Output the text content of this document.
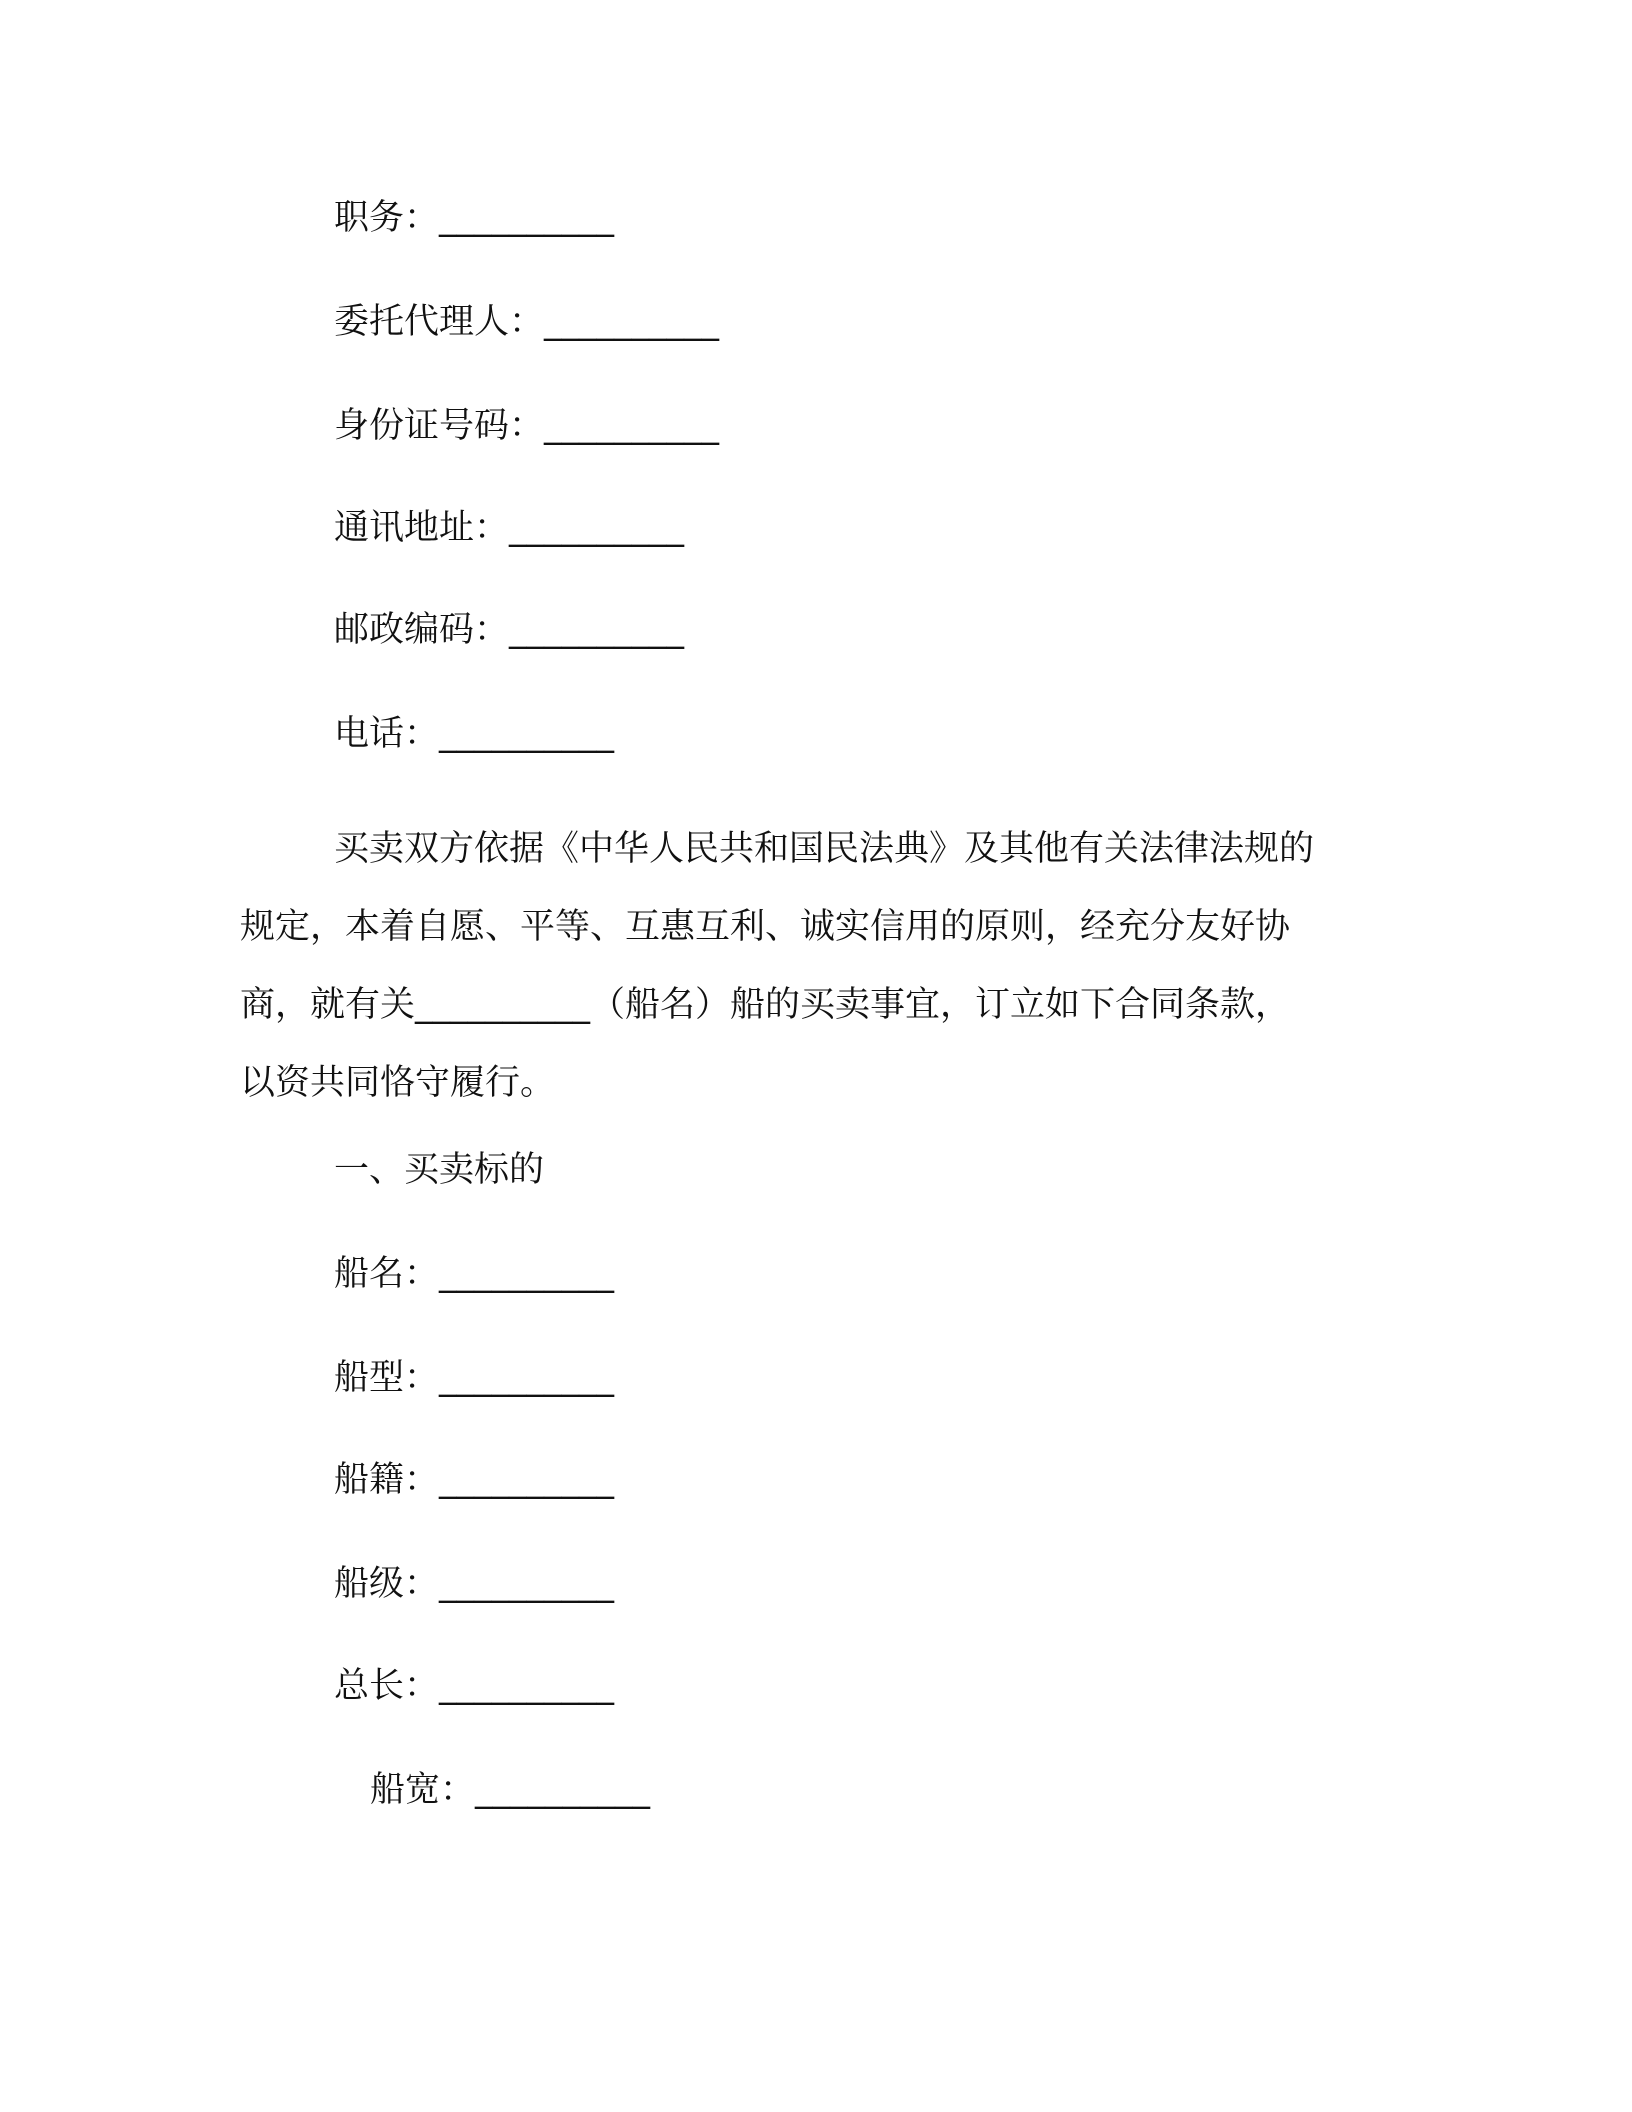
职务：__________
委托代理人：__________
身份证号码：__________
通讯地址：__________
邮政编码：__________
电话：__________
买卖双方依据《中华人民共和国民法典》及其他有关法律法规的
规定，本着自愿、平等、互惠互利、诚实信用的原则，经充分友好协
商，就有关__________（船名）船的买卖事宜，订立如下合同条款，
以资共同恪守履行。
一、买卖标的
船名：__________
船型：__________
船籍：__________
船级：__________
总长：__________
船宽：__________
